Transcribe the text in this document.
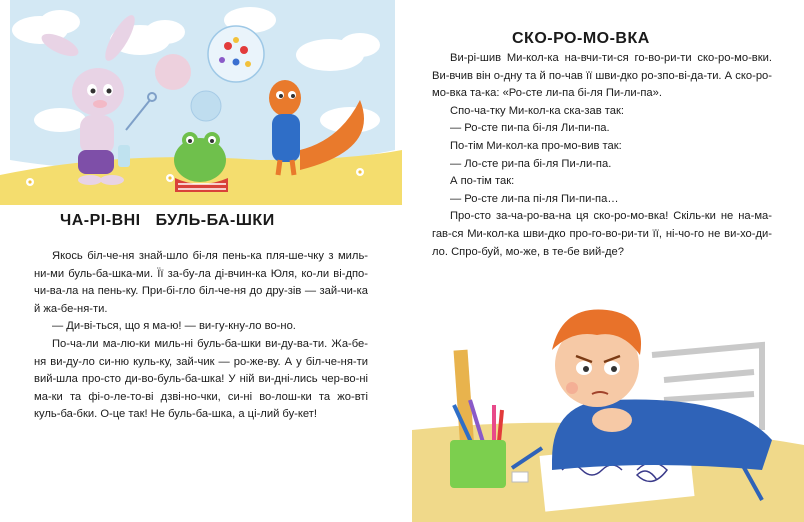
ЧА-РІ-ВНІ БУЛЬ-БА-ШКИ

Якось біл-че-ня знай-шло бі-ля пень-ка пля-ше-чку з миль-ни-ми буль-ба-шка-ми. Її за-бу-ла ді-вчин-ка Юля, ко-ли ві-дпо-чи-ва-ла на пень-ку. При-бі-гло біл-че-ня до дру-зів — зай-чи-ка й жа-бе-ня-ти.

— Ди-ві-ться, що я ма-ю! — ви-гу-кну-ло во-но.

По-ча-ли ма-лю-ки миль-ні буль-ба-шки ви-ду-ва-ти. Жа-бе-ня ви-ду-ло си-ню куль-ку, зай-чик — ро-же-ву. А у біл-че-ня-ти вий-шла про-сто ди-во-буль-ба-шка! У ній ви-дні-лись чер-во-ні ма-ки та фі-о-ле-то-ві дзві-но-чки, си-ні во-лош-ки та жо-вті куль-ба-бки. О-це так! Не буль-ба-шка, а ці-лий бу-кет!

СКО-РО-МО-ВКА

Ви-рі-шив Ми-кол-ка на-вчи-ти-ся го-во-ри-ти ско-ро-мо-вки. Ви-вчив він о-дну та й по-чав її шви-дко ро-зпо-ві-да-ти. А ско-ро-мо-вка та-ка: «Ро-сте ли-па бі-ля Пи-ли-па».

Спо-ча-тку Ми-кол-ка ска-зав так:

— Ро-сте пи-па бі-ля Ли-пи-па.

По-тім Ми-кол-ка про-мо-вив так:

— Ло-сте ри-па бі-ля Пи-ли-па.

А по-тім так:

— Ро-сте ли-па пі-ля Пи-пи-па…

Про-сто за-ча-ро-ва-на ця ско-ро-мо-вка! Скіль-ки не на-ма-гав-ся Ми-кол-ка шви-дко про-го-во-ри-ти її, ні-чо-го не ви-хо-ди-ло. Спро-буй, мо-же, в те-бе вий-де?
